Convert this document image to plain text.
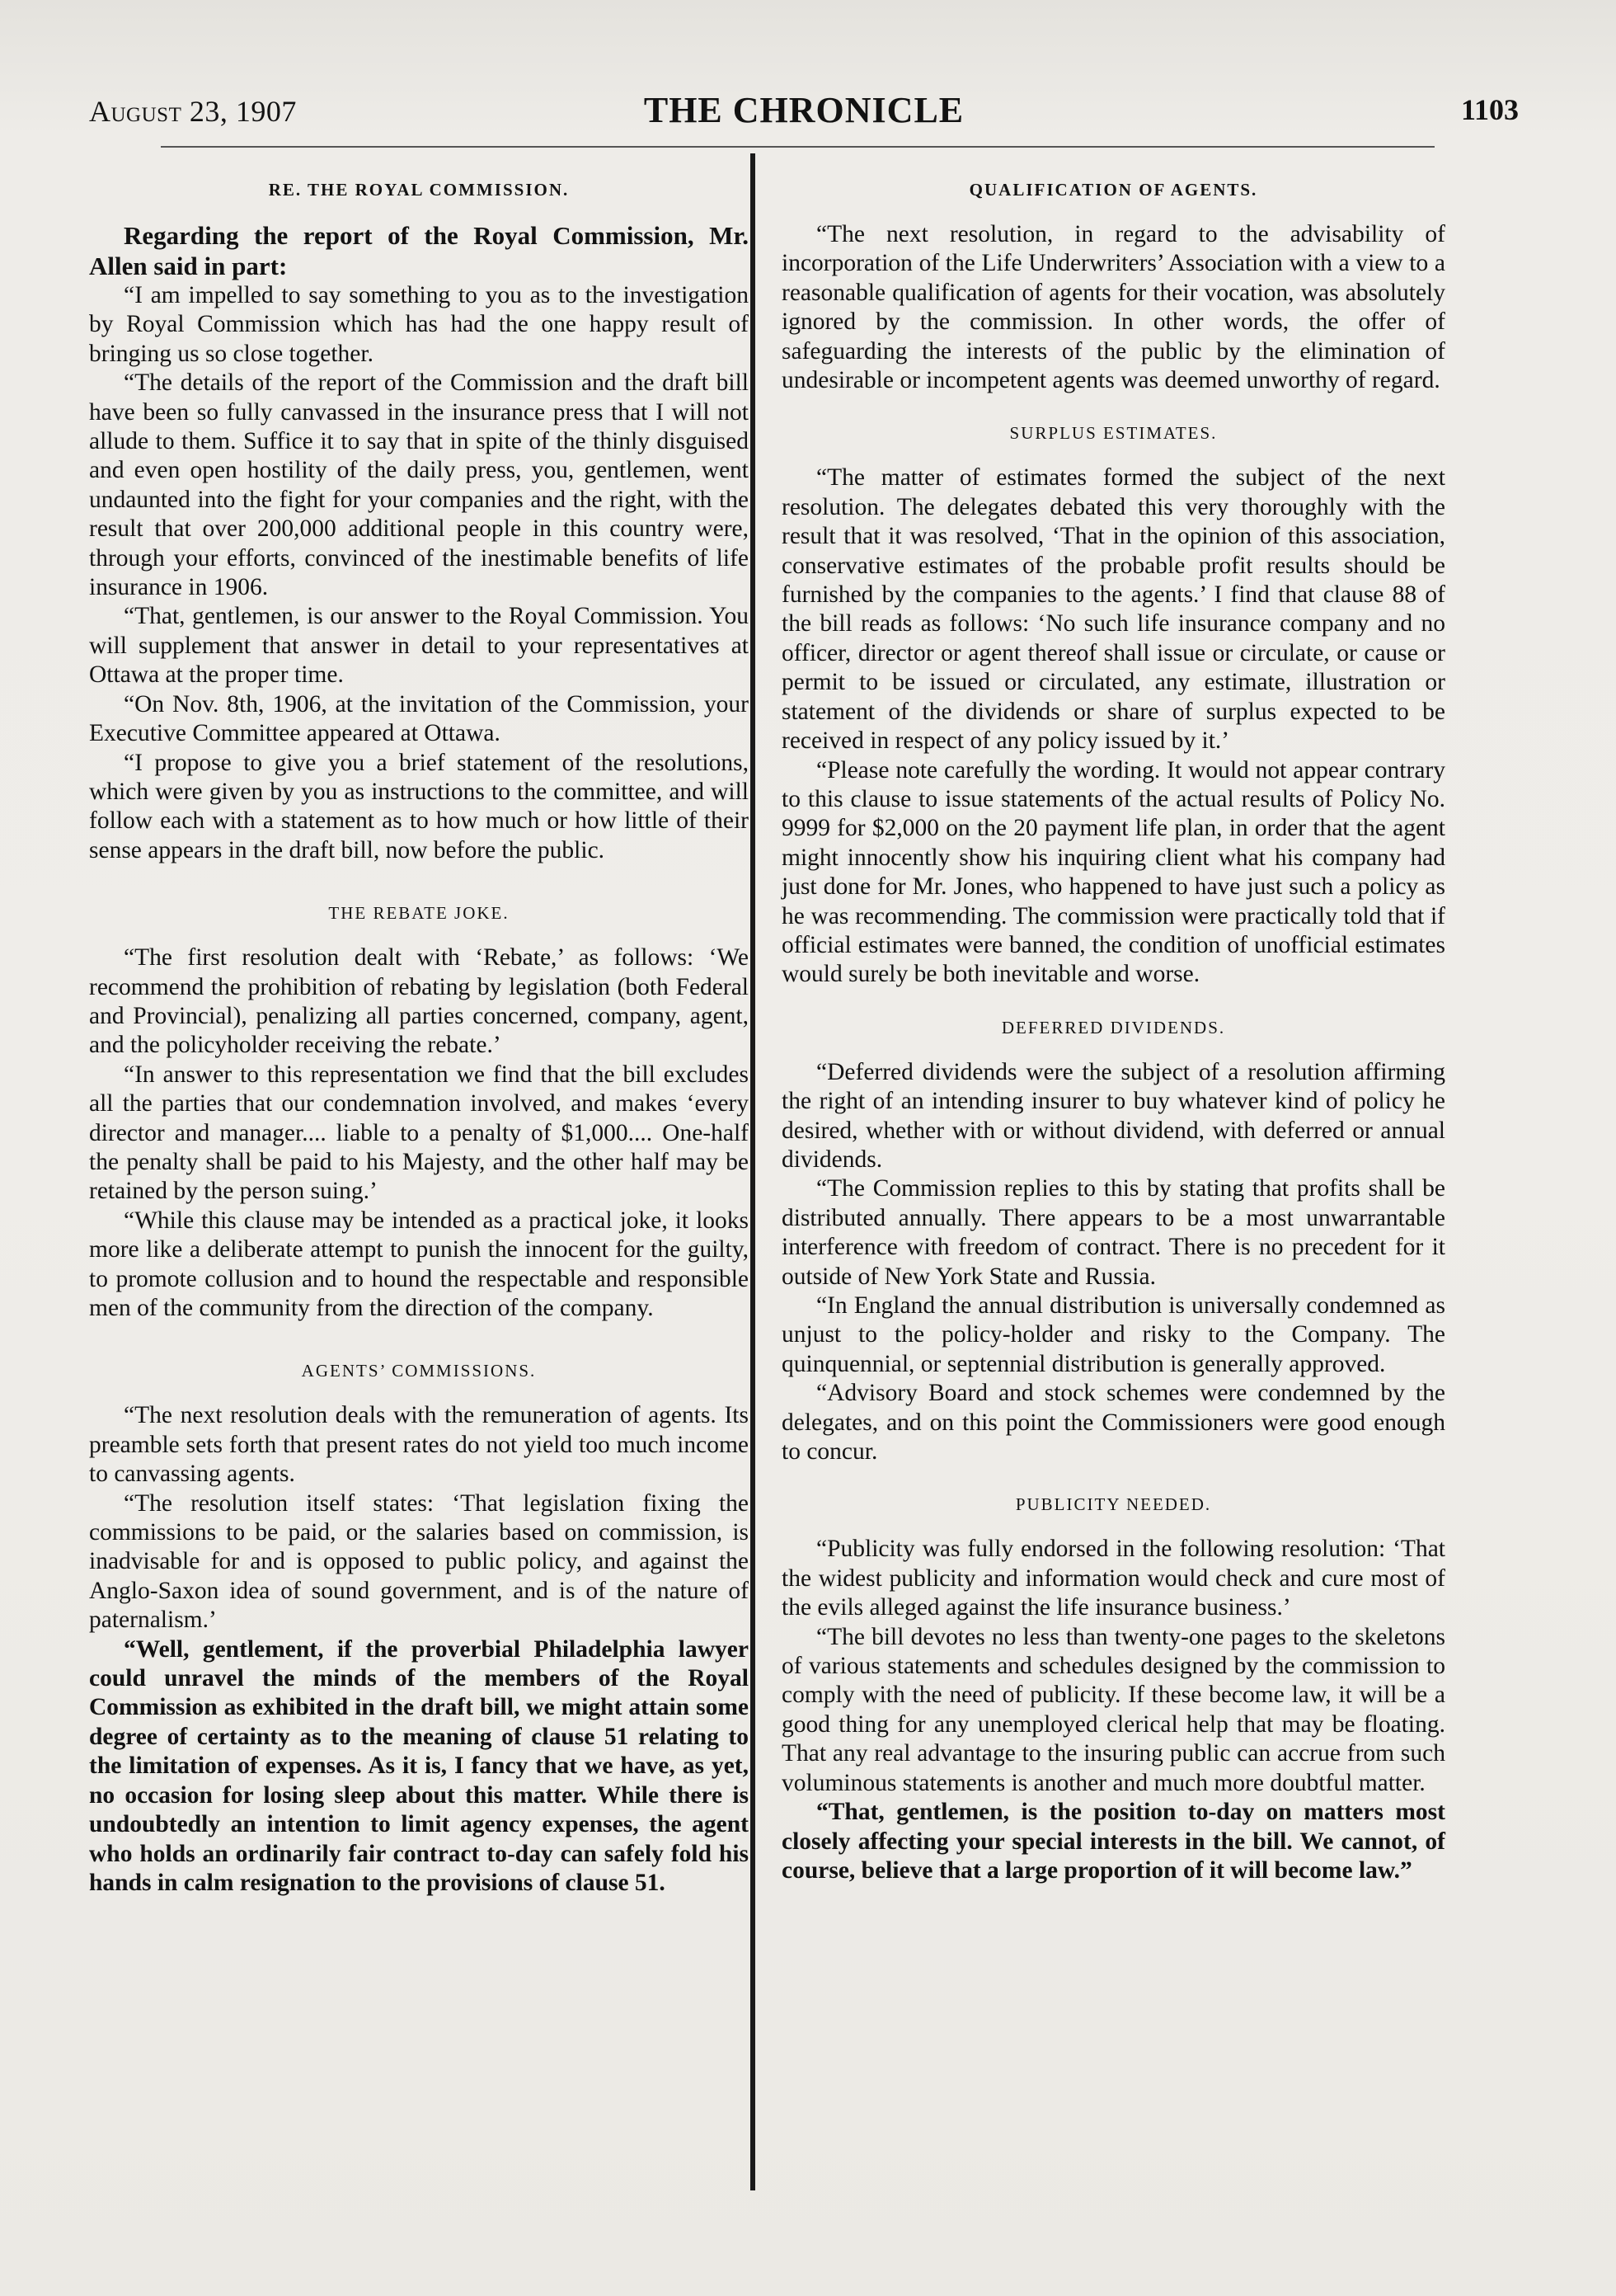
August 23, 1907	THE CHRONICLE	1103
RE. THE ROYAL COMMISSION.

Regarding the report of the Royal Commission, Mr. Allen said in part:

“I am impelled to say something to you as to the investigation by Royal Commission which has had the one happy result of bringing us so close together.

“The details of the report of the Commission and the draft bill have been so fully canvassed in the insurance press that I will not allude to them. Suffice it to say that in spite of the thinly disguised and even open hostility of the daily press, you, gentlemen, went undaunted into the fight for your companies and the right, with the result that over 200,000 additional people in this country were, through your efforts, convinced of the inestimable benefits of life insurance in 1906.

“That, gentlemen, is our answer to the Royal Commission. You will supplement that answer in detail to your representatives at Ottawa at the proper time.

“On Nov. 8th, 1906, at the invitation of the Commission, your Executive Committee appeared at Ottawa.

“I propose to give you a brief statement of the resolutions, which were given by you as instructions to the committee, and will follow each with a statement as to how much or how little of their sense appears in the draft bill, now before the public.

THE REBATE JOKE.

“The first resolution dealt with ‘Rebate,’ as follows: ‘We recommend the prohibition of rebating by legislation (both Federal and Provincial), penalizing all parties concerned, company, agent, and the policyholder receiving the rebate.’

“In answer to this representation we find that the bill excludes all the parties that our condemnation involved, and makes ‘every director and manager.... liable to a penalty of $1,000.... One-half the penalty shall be paid to his Majesty, and the other half may be retained by the person suing.’

“While this clause may be intended as a practical joke, it looks more like a deliberate attempt to punish the innocent for the guilty, to promote collusion and to hound the respectable and responsible men of the community from the direction of the company.

AGENTS’ COMMISSIONS.

“The next resolution deals with the remuneration of agents. Its preamble sets forth that present rates do not yield too much income to canvassing agents.

“The resolution itself states: ‘That legislation fixing the commissions to be paid, or the salaries based on commission, is inadvisable for and is opposed to public policy, and against the Anglo-Saxon idea of sound government, and is of the nature of paternalism.’

“Well, gentlement, if the proverbial Philadelphia lawyer could unravel the minds of the members of the Royal Commission as exhibited in the draft bill, we might attain some degree of certainty as to the meaning of clause 51 relating to the limitation of expenses. As it is, I fancy that we have, as yet, no occasion for losing sleep about this matter. While there is undoubtedly an intention to limit agency expenses, the agent who holds an ordinarily fair contract to-day can safely fold his hands in calm resignation to the provisions of clause 51.

QUALIFICATION OF AGENTS.

“The next resolution, in regard to the advisability of incorporation of the Life Underwriters’ Association with a view to a reasonable qualification of agents for their vocation, was absolutely ignored by the commission. In other words, the offer of safeguarding the interests of the public by the elimination of undesirable or incompetent agents was deemed unworthy of regard.

SURPLUS ESTIMATES.

“The matter of estimates formed the subject of the next resolution. The delegates debated this very thoroughly with the result that it was resolved, ‘That in the opinion of this association, conservative estimates of the probable profit results should be furnished by the companies to the agents.’ I find that clause 88 of the bill reads as follows: ‘No such life insurance company and no officer, director or agent thereof shall issue or circulate, or cause or permit to be issued or circulated, any estimate, illustration or statement of the dividends or share of surplus expected to be received in respect of any policy issued by it.’

“Please note carefully the wording. It would not appear contrary to this clause to issue statements of the actual results of Policy No. 9999 for $2,000 on the 20 payment life plan, in order that the agent might innocently show his inquiring client what his company had just done for Mr. Jones, who happened to have just such a policy as he was recommending. The commission were practically told that if official estimates were banned, the condition of unofficial estimates would surely be both inevitable and worse.

DEFERRED DIVIDENDS.

“Deferred dividends were the subject of a resolution affirming the right of an intending insurer to buy whatever kind of policy he desired, whether with or without dividend, with deferred or annual dividends.

“The Commission replies to this by stating that profits shall be distributed annually. There appears to be a most unwarrantable interference with freedom of contract. There is no precedent for it outside of New York State and Russia.

“In England the annual distribution is universally condemned as unjust to the policy-holder and risky to the Company. The quinquennial, or septennial distribution is generally approved.

“Advisory Board and stock schemes were condemned by the delegates, and on this point the Commissioners were good enough to concur.

PUBLICITY NEEDED.

“Publicity was fully endorsed in the following resolution: ‘That the widest publicity and information would check and cure most of the evils alleged against the life insurance business.’

“The bill devotes no less than twenty-one pages to the skeletons of various statements and schedules designed by the commission to comply with the need of publicity. If these become law, it will be a good thing for any unemployed clerical help that may be floating. That any real advantage to the insuring public can accrue from such voluminous statements is another and much more doubtful matter.

“That, gentlemen, is the position to-day on matters most closely affecting your special interests in the bill. We cannot, of course, believe that a large proportion of it will become law.”
